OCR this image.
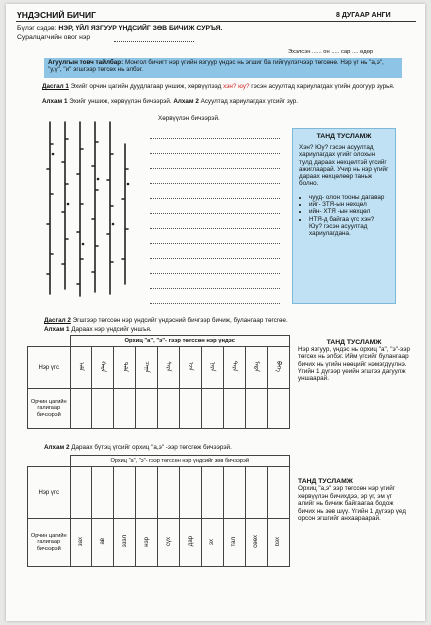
ҮНДЭСНИЙ БИЧИГ	8 ДУГААР АНГИ
Бүлэг сэдэв: НЭР, ҮЙЛ ЯЗГУУР ҮНДСИЙГ ЗӨВ БИЧИЖ СУРЪЯ.
Суралцагчийн овог нэр
Эхэлсэн ...... он ..... сар .... өдөр
Агуулгын товч тайлбар: Монгол бичигт нэр үгийн язгуур үндэс нь эгшиг ба гийгүүлэгчээр төгсөнө. Нэр үг нь "а,э", "у,ү", "и" эгшгээр төгсөх нь элбэг.
Дасгал 1 Эхийг орчин цагийн дуудлагаар уншиж, хөрвүүлээд хэн? юу? гэсэн асуултад хариулагдах үгийн доогуур зурья.
Алхам 1 Эхийг уншиж, хөрвүүлэн бичээрэй. Алхам 2 Асуултад хариулагдах үгсийг зур.
Хөрвүүлэн бичээрэй.
ТАНД ТУСЛАМЖ
Хэн? Юу? гэсэн асуултад хариулагдах үгийг олохын тулд дараах нөхцөлтэй үгсийг ажиглаарай. Учир нь нэр үгийг дараах нөхцөлөөр таньж болно.
• чууд- олон тооны дагавар
• ийг- ЗТЯ-ын нөхцөл
• ийн- ХТЯ -ын нөхцөл
• НТЯ-д байгаа үгс хэн? Юу? гэсэн асуултад хариулагдана.
Дасгал 2 Эгшгээр төгссөн нэр үндсийг үндэсний бичгээр бичиж, булангаар төгсгөе.
Алхам 1 Дараах нэр үндсийг уншъя.
	Орхиц "а", "э"- гээр төгссөн нэр үндэс									
Нэр үгс	ᠠᠮᠠ	ᠬᠠᠷᠠ	ᠳᠠᠯᠠ	ᠴᠠᠭᠠ	ᠰᠠᠷᠠ	ᠡᠵᠡ	ᠨᠡᠷᠡ	ᠲᠡᠷᠡ	ᠮᠡᠳᠡ	ᠪᠡᠬᠡ
Орчин цагийн галигаар бичээрэй										
ТАНД ТУСЛАМЖ
Нэр язгуур, үндэс нь орхиц "а", "э"-ээр төгсөх нь элбэг. Ийм үгсийг булангаар бичих нь үгийн нөөцийг нэмэгдүүлнэ. Үгийн 1 дүгээр үеийн эгшгээ дагуулж уншаарай.
Алхам 2 Дараах бүтэц үгсийг орхиц "а,э" -ээр төгсгөж бичээрэй.
	Орхиц "а", "э"- гээр төгссөн нэр үндсийг зөв бичээрэй									
Нэр үгс										
Орчин цагийн галигаар бичээрэй	зах	ав	эзэл	нэр	сүх	дар	эх	тал	сөөх	бэх
ТАНД ТУСЛАМЖ
Орхиц "а,э" ээр төгссөн нэр үгийг хөрвүүлэн бичихдээ, эр үг, эм үг алийг нь бичиж байгаагаа бодож бичих нь зөв шүү. Үгийн 1 дүгээр үед орсон эгшгийг анхаараарай.
